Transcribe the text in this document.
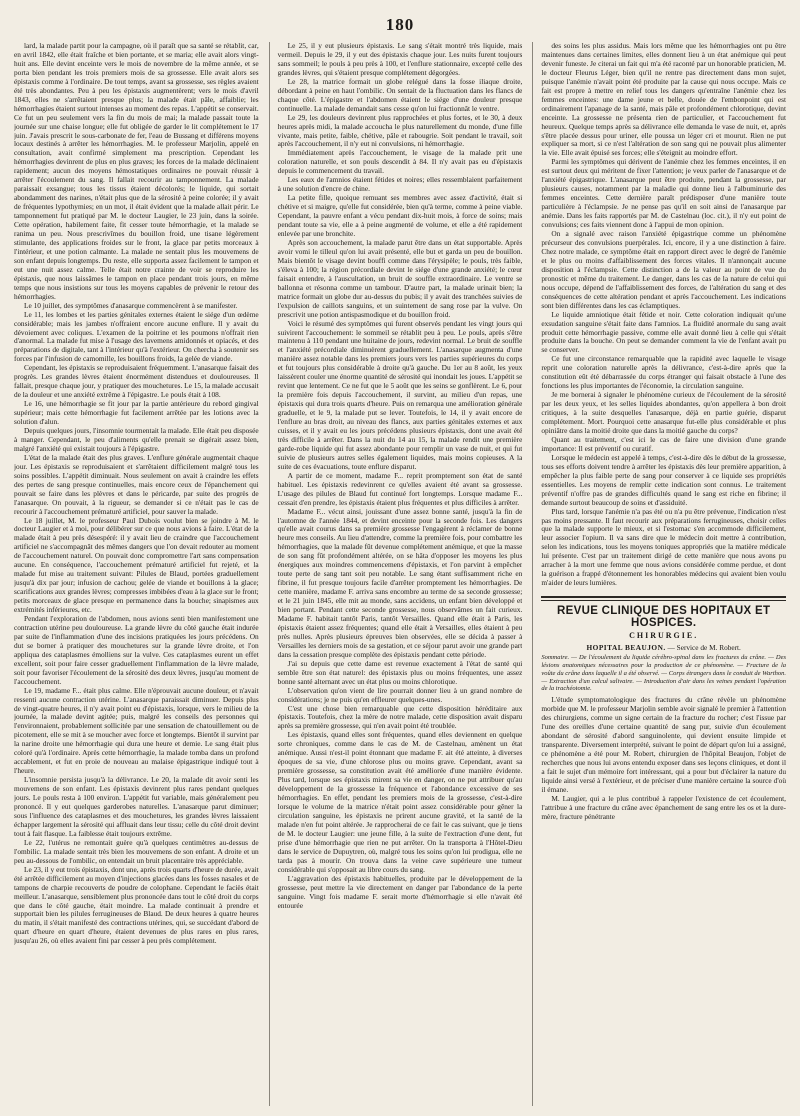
180

lard, la malade partit pour la campagne, où il paraît que sa santé se rétablit, car, en avril 1842, elle était fraîche et bien portante, et se maria; elle avait alors vingt-huit ans. Elle devint enceinte vers le mois de novembre de la même année, et se porta bien pendant les trois premiers mois de sa grossesse. Elle avait alors ses épistaxis comme à l'ordinaire. De tout temps, avant sa grossesse, ses règles avaient été très abondantes. Peu à peu les épistaxis augmentèrent; vers le mois d'avril 1843, elles ne s'arrêtaient presque plus; la malade était pâle, affaiblie; les hémorrhagies étaient surtout intenses au moment des repas. L'appétit se conservait. Ce fut un peu seulement vers la fin du mois de mai; la malade passait toute la journée sur une chaise longue; elle fut obligée de garder le lit complétement le 17 juin. J'avais prescrit le sous-carbonate de fer, l'eau de Bussang et différens moyens locaux destinés à arrêter les hémorrhagies. M. le professeur Marjolin, appelé en consultation, avait confirmé simplement ma prescription. Cependant les hémorrhagies devinrent de plus en plus graves; les forces de la malade déclinaient rapidement; aucun des moyens hémostatiques ordinaires ne pouvait réussir à arrêter l'écoulement du sang. Il fallait recourir au tamponnement. La malade paraissait exsangue; tous les tissus étaient décolorés; le liquide, qui sortait abondamment des narines, n'était plus que de la sérosité à peine colorée; il y avait de fréquentes lypothymies; en un mot, il était évident que la malade allait périr. Le tamponnement fut pratiqué par M. le docteur Laugier, le 23 juin, dans la soirée. Cette opération, habilement faite, fit cesser toute hémorrhagie, et la malade se ranima un peu. Nous prescrivîmes du bouillon froid, une tisane légèrement stimulante, des applications froides sur le front, la glace par petits morceaux à l'intérieur, et une potion calmante. La malade ne sentait plus les mouvemens de son enfant depuis longtemps. Du reste, elle supporta assez facilement le tampon et eut une nuit assez calme. Telle était notre crainte de voir se reproduire les épistaxis, que nous laissâmes le tampon en place pendant trois jours, en même temps que nous insistions sur tous les moyens capables de prévenir le retour des hémorrhagies.

Le 10 juillet, des symptômes d'anasarque commencèrent à se manifester.

Le 11, les lombes et les parties génitales externes étaient le siége d'un œdème considérable; mais les jambes n'offraient encore aucune enflure. Il y avait du dévoiement avec coliques. L'examen de la poitrine et les poumons n'offrait rien d'anormal. La malade fut mise à l'usage des lavemens amidonnés et opiacés, et des préparations de digitale, tant à l'intérieur qu'à l'extérieur. On chercha à soutenir ses forces par l'infusion de camomille, les bouillons froids, la gelée de viande.

Cependant, les épistaxis se reproduisaient fréquemment. L'anasarque faisait des progrès. Les grandes lèvres étaient énormément distendues et douloureuses. Il fallait, presque chaque jour, y pratiquer des mouchetures. Le 15, la malade accusait de la douleur et une anxiété extrême à l'épigastre. Le pouls était à 108.

Le 16, une hémorrhagie se fit jour par la partie antérieure du rebord gingival supérieur; mais cette hémorrhagie fut facilement arrêtée par les lotions avec la solution d'alun.

Depuis quelques jours, l'insomnie tourmentait la malade. Elle était peu disposée à manger. Cependant, le peu d'aliments qu'elle prenait se digérait assez bien, malgré l'anxiété qui existait toujours à l'épigastre.

L'état de la malade était des plus graves. L'enflure générale augmentait chaque jour. Les épistaxis se reproduisaient et s'arrêtaient difficilement malgré tous les soins possibles. L'appétit diminuait. Nous seulement on avait à craindre les effets des pertes de sang presque continuelles, mais encore ceux de l'épanchement qui pouvait se faire dans les plèvres et dans le péricarde, par suite des progrès de l'anasarque. On pouvait, à la rigueur, se demander si ce n'était pas le cas de recourir à l'accouchement prématuré artificiel, pour sauver la malade.

Le 18 juillet, M. le professeur Paul Dubois voulut bien se joindre à M. le docteur Laugier et à moi, pour délibérer sur ce que nous avions à faire. L'état de la malade était à peu près désespéré: il y avait lieu de craindre que l'accouchement artificiel ne s'accompagnât des mêmes dangers que l'on devait redouter au moment de l'accouchement naturel. On pouvait donc compromettre l'art sans compensation aucune. En conséquence, l'accouchement prématuré artificiel fut rejeté, et la malade fut mise au traitement suivant: Pilules de Blaud, portées graduellement jusqu'à dix par jour; infusion de cachou; gelée de viande et bouillons à la glace; scarifications aux grandes lèvres; compresses imbibées d'eau à la glace sur le front; petits morceaux de glace presque en permanence dans la bouche; sinapismes aux extrémités inférieures, etc.

Pendant l'exploration de l'abdomen, nous avions senti bien manifestement une contraction utérine peu douloureuse. La grande lèvre du côté gauche était indurée par suite de l'inflammation d'une des incisions pratiquées les jours précédens. On dut se borner à pratiquer des mouchetures sur la grande lèvre droite, et l'on appliqua des cataplasmes émolliens sur la vulve. Ces cataplasmes eurent un effet excellent, soit pour faire cesser graduellement l'inflammation de la lèvre malade, soit pour favoriser l'écoulement de la sérosité des deux lèvres, jusqu'au moment de l'accouchement.

Le 19, madame F... était plus calme. Elle n'éprouvait aucune douleur, et n'avait ressenti aucune contraction utérine. L'anasarque paraissait diminuer. Depuis plus de vingt-quatre heures, il n'y avait point eu d'épistaxis, lorsque, vers le milieu de la journée, la malade devint agitée; puis, malgré les conseils des personnes qui l'environnaient, probablement sollicitée par une sensation de chatouillement ou de picotement, elle se mit à se moucher avec force et longtemps. Bientôt il survint par la narine droite une hémorrhagie qui dura une heure et demie. Le sang était plus coloré qu'à l'ordinaire. Après cette hémorrhagie, la malade tomba dans un profond accablement, et fut en proie de nouveau au malaise épigastrique indiqué tout à l'heure.

L'insomnie persista jusqu'à la délivrance. Le 20, la malade dit avoir senti les mouvemens de son enfant. Les épistaxis devinrent plus rares pendant quelques jours. Le pouls resta à 100 environ. L'appétit fut variable, mais généralement peu prononcé. Il y eut quelques garderobes naturelles. L'anasarque parut diminuer; sous l'influence des cataplasmes et des mouchetures, les grandes lèvres laissaient échapper largement la sérosité qui affluait dans leur tissu; celle du côté droit devint tout à fait flasque. La faiblesse était toujours extrême.

Le 22, l'utérus ne remontait guère qu'à quelques centimètres au-dessus de l'ombilic. La malade sentait très bien les mouvemens de son enfant. A droite et un peu au-dessous de l'ombilic, on entendait un bruit placentaire très appréciable.

Le 23, il y eut trois épistaxis, dont une, après trois quarts d'heure de durée, avait été arrêtée difficilement au moyen d'injections glacées dans les fosses nasales et de tampons de charpie recouverts de poudre de colophane. Cependant le faciès était meilleur. L'anasarque, sensiblement plus prononcée dans tout le côté droit du corps que dans le côté gauche, était moindre. La malade continuait à prendre et supportait bien les pilules ferrugineuses de Blaud. De deux heures à quatre heures du matin, il s'était manifesté des contractions utérines, qui, se succédant d'abord de quart d'heure en quart d'heure, étaient devenues de plus rares en plus rares, jusqu'au 26, où elles avaient fini par cesser à peu près complétement.

Le 25, il y eut plusieurs épistaxis. Le sang s'était montré très liquide, mais vermeil. Depuis le 29, il y eut des épistaxis chaque jour. Les nuits furent toujours sans sommeil; le pouls à peu près à 100, et l'enflure stationnaire, excepté celle des grandes lèvres, qui s'étaient presque complétement dégorgées.

Le 28, la matrice formait un globe relégué dans la fosse iliaque droite, débordant à peine en haut l'ombilic. On sentait de la fluctuation dans les flancs de chaque côté. L'épigastre et l'abdomen étaient le siége d'une douleur presque continuelle. La malade demandait sans cesse qu'on lui fractionnât le ventre.

Le 29, les douleurs devinrent plus rapprochées et plus fortes, et le 30, à deux heures après midi, la malade accoucha le plus naturellement du monde, d'une fille vivante, mais petite, faible, chétive, pâle et rabougrie. Soit pendant le travail, soit après l'accouchement, il n'y eut ni convulsions, ni hémorrhagie.

Immédiatement après l'accouchement, le visage de la malade prit une coloration naturelle, et son pouls descendit à 84. Il n'y avait pas eu d'épistaxis depuis le commencement du travail.

Les eaux de l'amnios étaient fétides et noires; elles ressemblaient parfaitement à une solution d'encre de chine.

La petite fille, quoique remuant ses membres avec assez d'activité, était si chétive et si maigre, qu'elle fut considérée, bien qu'à terme, comme à peine viable. Cependant, la pauvre enfant a vécu pendant dix-huit mois, à force de soins; mais pendant toute sa vie, elle a à peine augmenté de volume, et elle a été rapidement enlevée par une bronchite.

Après son accouchement, la malade parut être dans un état supportable. Après avoir vomi le tilleul qu'on lui avait présenté, elle but et garda un peu de bouillon. Mais bientôt le visage devint bouffi comme dans l'érysipèle; le pouls, très faible, s'éleva à 100; la région précordiale devint le siége d'une grande anxiété; le cœur faisait entendre, à l'auscultation, un bruit de souffle extraordinaire. Le ventre se ballonna et résonna comme un tambour. D'autre part, la malade urinait bien; la matrice formait un globe dur au-dessus du pubis; il y avait des tranchées suivies de l'expulsion de caillots sanguins, et un suintement de sang rose par la vulve. On prescrivit une potion antispasmodique et du bouillon froid.

Voici le résumé des symptômes qui furent observés pendant les vingt jours qui suivirent l'accouchement: le sommeil se rétablit peu à peu. Le pouls, après s'être maintenu à 110 pendant une huitaine de jours, redevint normal. Le bruit de souffle et l'anxiété précordiale diminuèrent graduellement. L'anasarque augmenta d'une manière assez notable dans les premiers jours vers les parties supérieures du corps et fut toujours plus considérable à droite qu'à gauche. Du 1er au 8 août, les yeux laissèrent couler une énorme quantité de sérosité qui inondait les joues. L'appétit se revint que lentement. Ce ne fut que le 5 août que les seins se gonflèrent. Le 6, pour la première fois depuis l'accouchement, il survint, au milieu d'un repas, une épistaxis qui dura trois quarts d'heure. Puis on remarqua une amélioration générale graduelle, et le 9, la malade put se lever. Toutefois, le 14, il y avait encore de l'enflure au bras droit, au niveau des flancs, aux parties génitales externes et aux cuisses, et il y avait eu les jours précédens plusieurs épistaxis, dont une avait été très difficile à arrêter. Dans la nuit du 14 au 15, la malade rendit une première garde-robe liquide qui fut assez abondante pour remplir un vase de nuit, et qui fut suivie de plusieurs autres selles également liquides, mais moins copieuses. A la suite de ces évacuations, toute enflure disparut.

A partir de ce moment, madame F... reprit promptement son état de santé habituel. Les épistaxis redevinrent ce qu'elles avaient été avant sa grossesse. L'usage des pilules de Blaud fut continué fort longtemps. Lorsque madame F... cessait d'en prendre, les épistaxis étaient plus fréquentes et plus difficiles à arrêter.

Madame F... vécut ainsi, jouissant d'une assez bonne santé, jusqu'à la fin de l'automne de l'année 1844, et devint enceinte pour la seconde fois. Les dangers qu'elle avait courus dans sa première grossesse l'engagèrent à réclamer de bonne heure mes conseils. Au lieu d'attendre, comme la première fois, pour combattre les hémorrhagies, que la malade fût devenue complétement anémique, et que la masse de son sang fût profondément altérée, on se hâta d'opposer les moyens les plus énergiques aux moindres commencemens d'épistaxis, et l'on parvint à empêcher toute perte de sang tant soit peu notable. Le sang étant suffisamment riche en fibrine, il fut presque toujours facile d'arrêter promptement les hémorrhagies. De cette manière, madame F. arriva sans encombre au terme de sa seconde grossesse; et le 21 juin 1845, elle mit au monde, sans accidens, un enfant bien développé et bien portant. Pendant cette seconde grossesse, nous observâmes un fait curieux. Madame F. habitait tantôt Paris, tantôt Versailles. Quand elle était à Paris, les épistaxis étaient assez fréquentes; quand elle était à Versailles, elles étaient à peu près nulles. Après plusieurs épreuves bien observées, elle se décida à passer à Versailles les derniers mois de sa gestation, et ce séjour parut avoir une grande part dans la cessation presque complète des épistaxis pendant cette période.

J'ai su depuis que cette dame est revenue exactement à l'état de santé qui semble être son état naturel: des épistaxis plus ou moins fréquentes, une assez bonne santé alternant avec un état plus ou moins chlorotique.

L'observation qu'on vient de lire pourrait donner lieu à un grand nombre de considérations; je ne puis qu'en effleurer quelques-unes.

C'est une chose bien remarquable que cette disposition héréditaire aux épistaxis. Toutefois, chez la mère de notre malade, cette disposition avait disparu après sa première grossesse, qui n'en avait point été troublée.

Les épistaxis, quand elles sont fréquentes, quand elles deviennent en quelque sorte chroniques, comme dans le cas de M. de Castelnau, amènent un état anémique. Aussi n'est-il point étonnant que madame F. ait été atteinte, à diverses époques de sa vie, d'une chlorose plus ou moins grave. Cependant, avant sa première grossesse, sa constitution avait été améliorée d'une manière évidente. Plus tard, lorsque ses épistaxis mirent sa vie en danger, on ne put attribuer qu'au développement de la grossesse la fréquence et l'abondance excessive de ses hémorrhagies. En effet, pendant les premiers mois de la grossesse, c'est-à-dire lorsque le volume de la matrice n'était point assez considérable pour gêner la circulation sanguine, les épistaxis ne prirent aucune gravité, et la santé de la malade n'en fut point altérée. Je rapprocherai de ce fait le cas suivant, que je tiens de M. le docteur Laugier: une jeune fille, à la suite de l'extraction d'une dent, fut prise d'une hémorrhagie que rien ne put arrêter. On la transporta à l'Hôtel-Dieu dans le service de Dupuytren, où, malgré tous les soins qu'on lui prodigua, elle ne tarda pas à mourir. On trouva dans la veine cave supérieure une tumeur considérable qui s'opposait au libre cours du sang.

L'aggravation des épistaxis habituelles, produite par le développement de la grossesse, peut mettre la vie directement en danger par l'abondance de la perte sanguine. Vingt fois madame F. serait morte d'hémorrhagie si elle n'avait été entourée

des soins les plus assidus. Mais lors même que les hémorrhagies ont pu être maintenues dans certaines limites, elles donnent lieu à un état anémique qui peut devenir funeste. Je citerai un fait qui m'a été raconté par un honorable praticien, M. le docteur Fleurus Léger, bien qu'il ne rentre pas directement dans mon sujet, puisque l'anémie n'avait point été produite par la cause qui nous occupe. Mais ce fait est propre à mettre en relief tous les dangers qu'entraîne l'anémie chez les femmes enceintes: une dame jeune et belle, douée de l'embonpoint qui est ordinairement l'apanage de la santé, mais pâle et profondément chlorotique, devint enceinte. La grossesse ne présenta rien de particulier, et l'accouchement fut heureux. Quelque temps après sa délivrance elle demanda le vase de nuit, et, après s'être placée dessus pour uriner, elle poussa un léger cri et mourut. Rien ne put expliquer sa mort, si ce n'est l'altération de son sang qui ne pouvait plus alimenter la vie. Elle avait épuisé ses forces; elle s'éteignit au moindre effort.

Parmi les symptômes qui dérivent de l'anémie chez les femmes enceintes, il en est surtout deux qui méritent de fixer l'attention; je veux parler de l'anasarque et de l'anxiété épigastrique. L'anasarque peut être produite, pendant la grossesse, par plusieurs causes, notamment par la maladie qui donne lieu à l'albuminurie des femmes enceintes. Cette dernière paraît prédisposer d'une manière toute particulière à l'éclampsie. Je ne pense pas qu'il en soit ainsi de l'anasarque par anémie. Dans les faits rapportés par M. de Castelnau (loc. cit.), il n'y eut point de convulsions; ces faits viennent donc à l'appui de mon opinion.

On a signalé avec raison l'anxiété épigastrique comme un phénomène précurseur des convulsions puerpérales. Ici, encore, il y a une distinction à faire. Chez notre malade, ce symptôme était en rapport direct avec le degré de l'anémie et le plus ou moins d'affaiblissement des forces vitales. Il n'annonçait aucune disposition à l'éclampsie. Cette distinction a de la valeur au point de vue du pronostic et même du traitement. Le danger, dans les cas de la nature de celui qui nous occupe, dépend de l'affaiblissement des forces, de l'altération du sang et des conséquences de cette altération pendant et après l'accouchement. Les indications sont bien différentes dans les cas éclamptiques.

Le liquide amniotique était fétide et noir. Cette coloration indiquait qu'une exsudation sanguine s'était faite dans l'amnios. La fluidité anormale du sang avait produit cette hémorrhagie passive, comme elle avait donné lieu à celle qui s'était produite dans la bouche. On peut se demander comment la vie de l'enfant avait pu se conserver.

Ce fut une circonstance remarquable que la rapidité avec laquelle le visage reprit une coloration naturelle après la délivrance, c'est-à-dire après que la constitution eût été débarrassée du corps étranger qui faisait obstacle à l'une des fonctions les plus importantes de l'économie, la circulation sanguine.

Je me bornerai à signaler le phénomène curieux de l'écoulement de la sérosité par les deux yeux, et les selles liquides abondantes, qu'on appellera à bon droit critiques, à la suite desquelles l'anasarque, déjà en partie guérie, disparut complétement. Mort. Pourquoi cette anasarque fut-elle plus considérable et plus opiniâtre dans la moitié droite que dans la moitié gauche du corps?

Quant au traitement, c'est ici le cas de faire une division d'une grande importance: Il est préventif ou curatif.

Lorsque le médecin est appelé à temps, c'est-à-dire dès le début de la grossesse, tous ses efforts doivent tendre à arrêter les épistaxis dès leur première apparition, à empêcher la plus faible perte de sang pour conserver à ce liquide ses propriétés essentielles. Les moyens de remplir cette indication sont connus. Le traitement préventif n'offre pas de grandes difficultés quand le sang est riche en fibrine; il demande surtout beaucoup de soins et d'assiduité.

Plus tard, lorsque l'anémie n'a pas été ou n'a pu être prévenue, l'indication n'est pas moins pressante. Il faut recourir aux préparations ferrugineuses, choisir celles que la malade supporte le mieux, et si l'estomac s'en accommode difficilement, leur associer l'opium. Il va sans dire que le médecin doit mettre à contribution, selon les indications, tous les moyens toniques appropriés que la matière médicale lui présente. C'est par un traitement dirigé de cette manière que nous avons pu arracher à la mort une femme que nous avions considérée comme perdue, et dont la guérison a frappé d'étonnement les honorables médecins qui avaient bien voulu m'aider de leurs lumières.

REVUE CLINIQUE DES HOPITAUX ET HOSPICES.
CHIRURGIE.
HOPITAL BEAUJON. — Service de M. Robert.

Sommaire. — De l'écoulement du liquide cérébro-spinal dans les fractures du crâne. — Des lésions anatomiques nécessaires pour la production de ce phénomène. — Fracture de la voûte du crâne dans laquelle il a été observé. — Corps étrangers dans le conduit de Warthon. — Extraction d'un calcul salivaire. — Introduction d'air dans les veines pendant l'opération de la trachéotomie.

L'étude symptomatologique des fractures du crâne révèle un phénomène morbide que M. le professeur Marjolin semble avoir signalé le premier à l'attention des chirurgiens, comme un signe certain de la fracture du rocher; c'est l'issue par l'une des oreilles d'une certaine quantité de sang pur, suivie d'un écoulement abondant de sérosité d'abord sanguinolente, qui devient ensuite limpide et transparente. Diversement interprété, suivant le point de départ qu'on lui a assigné, ce phénomène a été pour M. Robert, chirurgien de l'hôpital Beaujon, l'objet de recherches que nous lui avons entendu exposer dans ses leçons cliniques, et dont il a fait le sujet d'un mémoire fort intéressant, qui a pour but d'éclairer la nature du liquide ainsi versé à l'extérieur, et de préciser d'une manière certaine la source d'où il émane.

M. Laugier, qui a le plus contribué à rappeler l'existence de cet écoulement, l'attribue à une fracture du crâne avec épanchement de sang entre les os et la dure-mère, fracture pénétrante
